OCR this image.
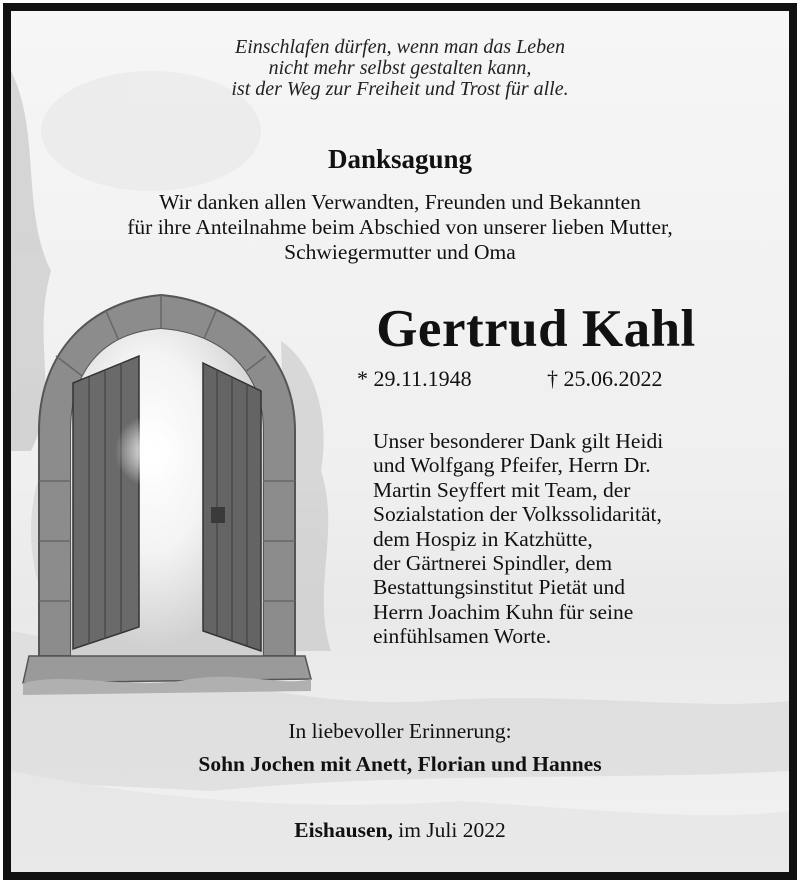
Einschlafen dürfen, wenn man das Leben
nicht mehr selbst gestalten kann,
ist der Weg zur Freiheit und Trost für alle.
Danksagung
Wir danken allen Verwandten, Freunden und Bekannten
für ihre Anteilnahme beim Abschied von unserer lieben Mutter,
Schwiegermutter und Oma
Gertrud Kahl
* 29.11.1948	† 25.06.2022
Unser besonderer Dank gilt Heidi
und Wolfgang Pfeifer, Herrn Dr.
Martin Seyffert mit Team, der
Sozialstation der Volkssolidarität,
dem Hospiz in Katzhütte,
der Gärtnerei Spindler, dem
Bestattungsinstitut Pietät und
Herrn Joachim Kuhn für seine
einfühlsamen Worte.
In liebevoller Erinnerung:
Sohn Jochen mit Anett, Florian und Hannes
Eishausen, im Juli 2022
